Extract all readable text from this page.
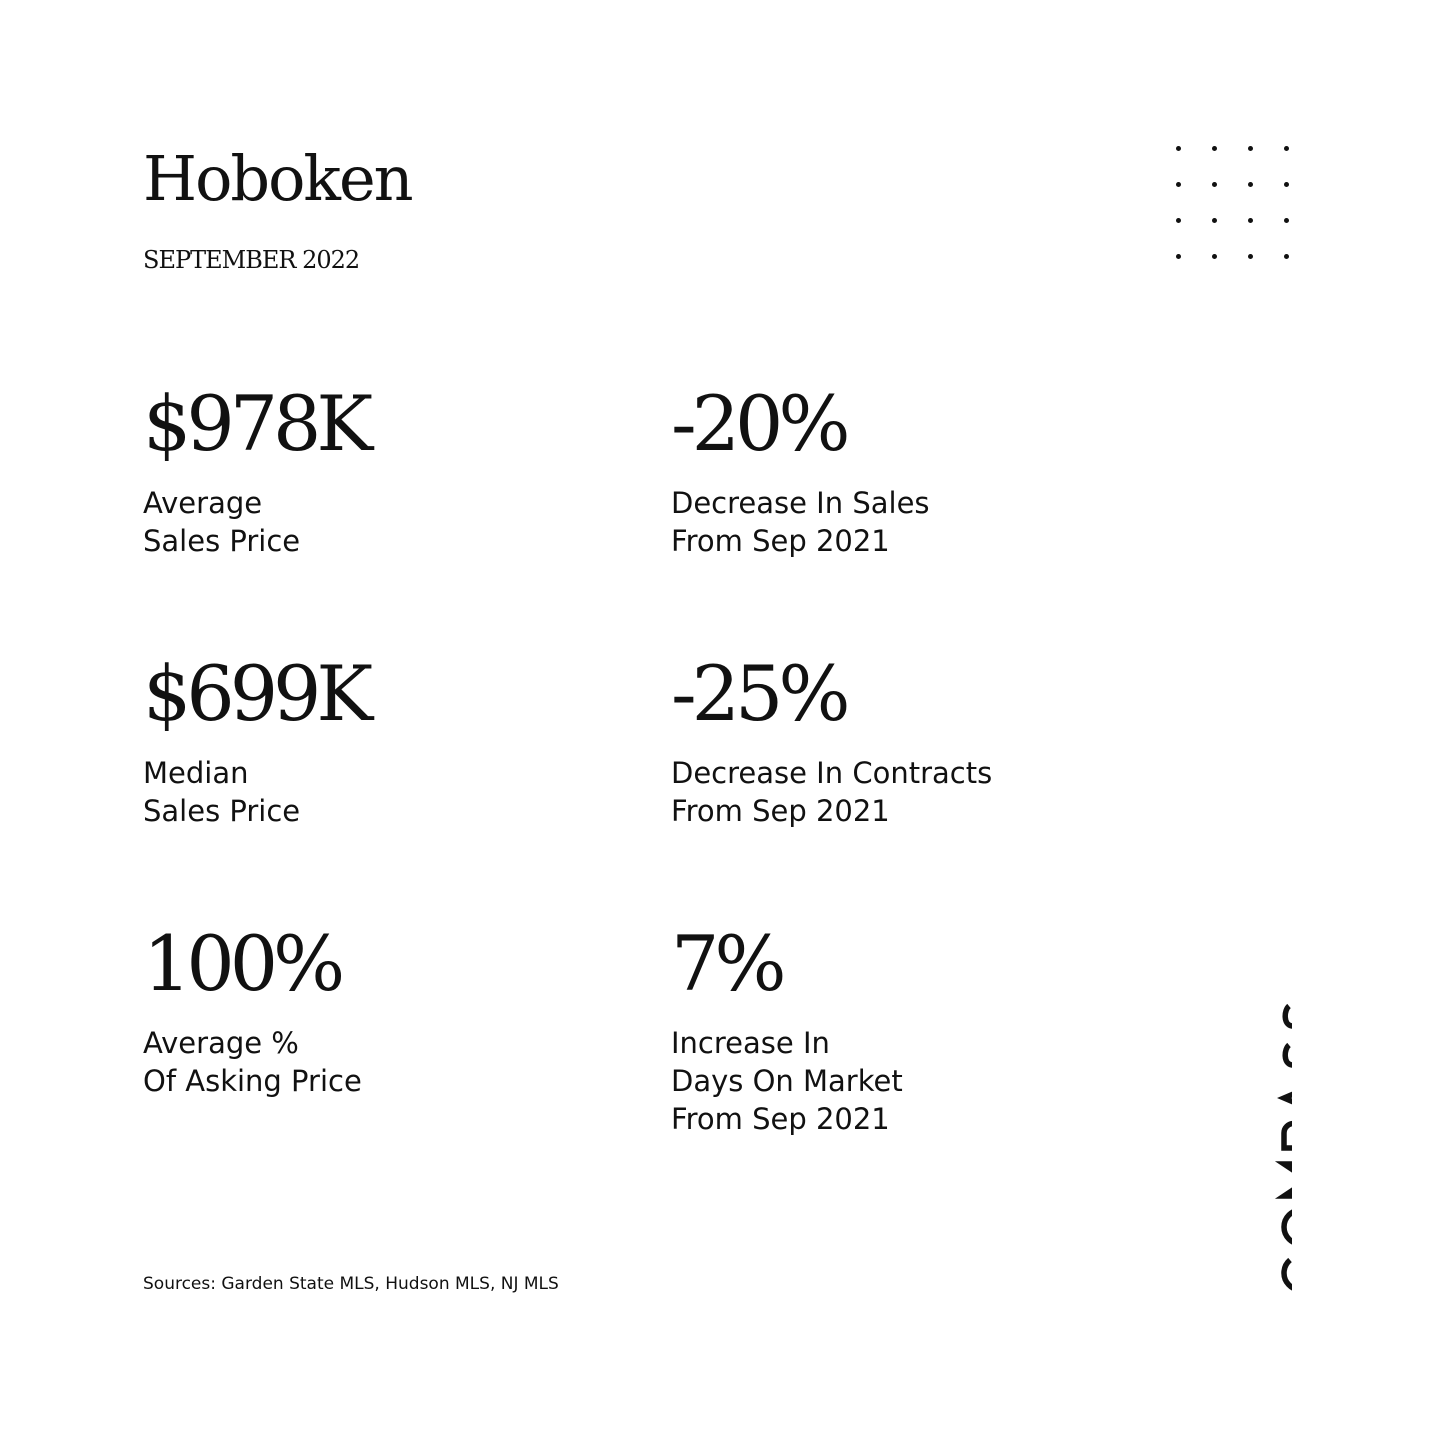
Hoboken
SEPTEMBER 2022
$978K
Average
Sales Price
-20%
Decrease In Sales
From Sep 2021
$699K
Median
Sales Price
-25%
Decrease In Contracts
From Sep 2021
100%
Average %
Of Asking Price
7%
Increase In
Days On Market
From Sep 2021
Sources: Garden State MLS, Hudson MLS, NJ MLS
